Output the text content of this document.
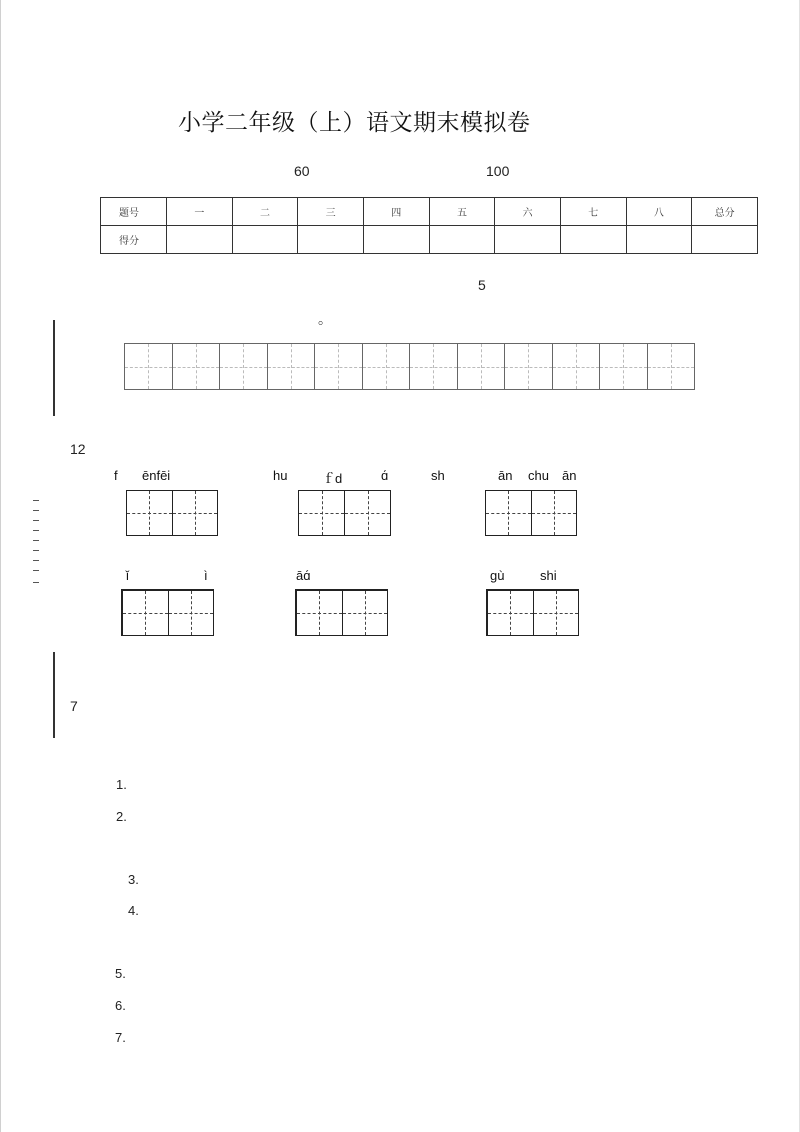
小学二年级（上）语文期末模拟卷
60	100
题号	一	二	三	四	五	六	七	八	总分
得分									
5
。
12
f ēnfēi	hu	ｆd	ɑ́	sh	ān chu ān
ǐ	ì	āɑ́	gù	shi
7
1.
2.
3.
4.
5.
6.
7.
